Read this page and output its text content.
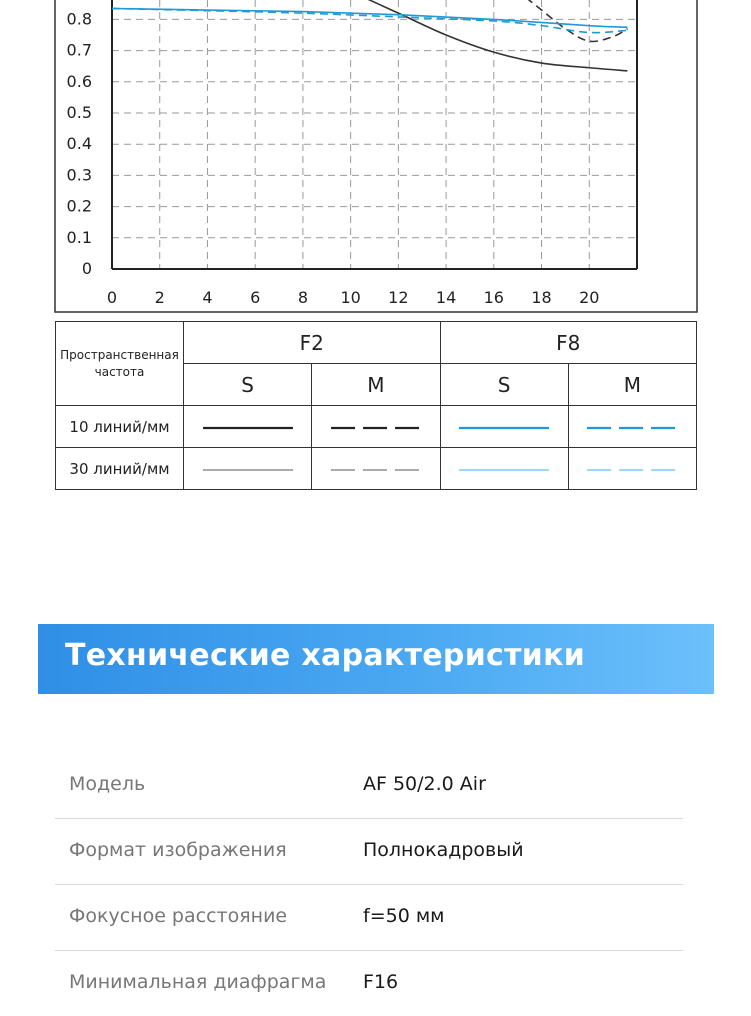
0
0.1
0.2
0.3
0.4
0.5
0.6
0.7
0.8
0 2 4 6 8 10 12 14 16 18 20
Пространственная частота	F2		F8	
	S	M	S	M
10 линий/мм				
30 линий/мм				
Технические характеристики
Модель	AF 50/2.0 Air
Формат изображения	Полнокадровый
Фокусное расстояние	f=50 мм
Минимальная диафрагма F16
